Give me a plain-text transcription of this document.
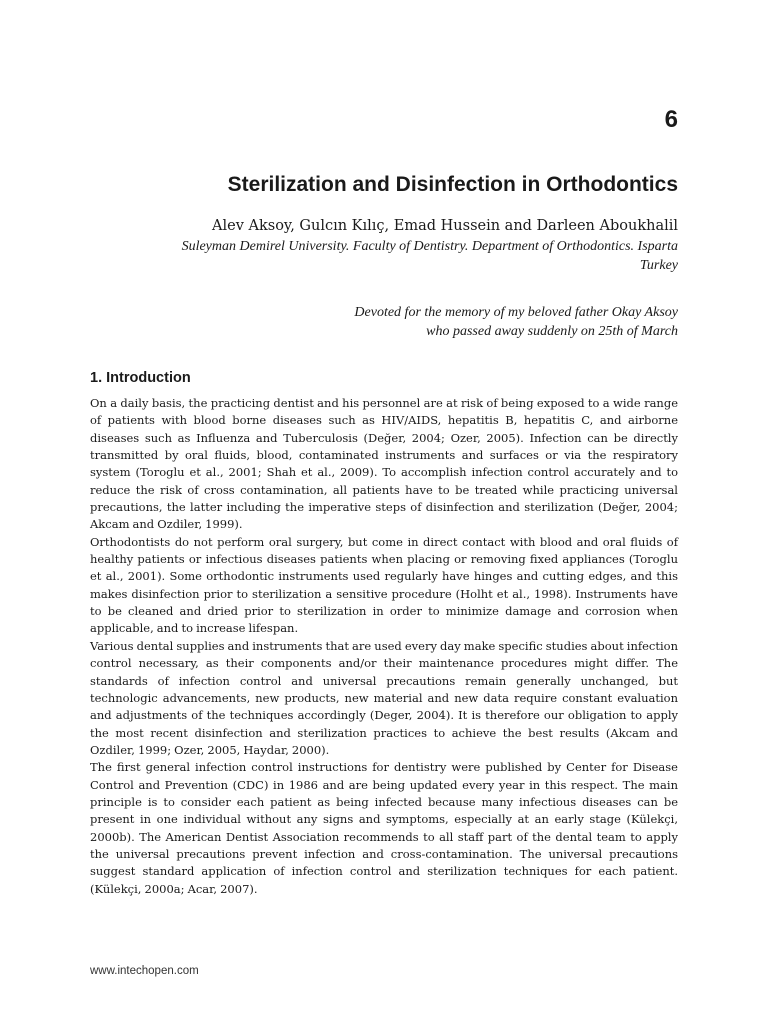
6
Sterilization and Disinfection in Orthodontics
Alev Aksoy, Gulcın Kılıç, Emad Hussein and Darleen Aboukhalil
Suleyman Demirel University. Faculty of Dentistry. Department of Orthodontics. Isparta
Turkey
Devoted for the memory of my beloved father Okay Aksoy
who passed away suddenly on 25th of March
1. Introduction

On a daily basis, the practicing dentist and his personnel are at risk of being exposed to a wide range of patients with blood borne diseases such as HIV/AIDS, hepatitis B, hepatitis C, and airborne diseases such as Influenza and Tuberculosis (Değer, 2004; Ozer, 2005). Infection can be directly transmitted by oral fluids, blood, contaminated instruments and surfaces or via the respiratory system (Toroglu et al., 2001; Shah et al., 2009). To accomplish infection control accurately and to reduce the risk of cross contamination, all patients have to be treated while practicing universal precautions, the latter including the imperative steps of disinfection and sterilization (Değer, 2004; Akcam and Ozdiler, 1999).

Orthodontists do not perform oral surgery, but come in direct contact with blood and oral fluids of healthy patients or infectious diseases patients when placing or removing fixed appliances (Toroglu et al., 2001). Some orthodontic instruments used regularly have hinges and cutting edges, and this makes disinfection prior to sterilization a sensitive procedure (Holht et al., 1998). Instruments have to be cleaned and dried prior to sterilization in order to minimize damage and corrosion when applicable, and to increase lifespan.

Various dental supplies and instruments that are used every day make specific studies about infection control necessary, as their components and/or their maintenance procedures might differ. The standards of infection control and universal precautions remain generally unchanged, but technologic advancements, new products, new material and new data require constant evaluation and adjustments of the techniques accordingly (Deger, 2004). It is therefore our obligation to apply the most recent disinfection and sterilization practices to achieve the best results (Akcam and Ozdiler, 1999; Ozer, 2005, Haydar, 2000).

The first general infection control instructions for dentistry were published by Center for Disease Control and Prevention (CDC) in 1986 and are being updated every year in this respect. The main principle is to consider each patient as being infected because many infectious diseases can be present in one individual without any signs and symptoms, especially at an early stage (Külekçi, 2000b). The American Dentist Association recommends to all staff part of the dental team to apply the universal precautions prevent infection and cross-contamination. The universal precautions suggest standard application of infection control and sterilization techniques for each patient. (Külekçi, 2000a; Acar, 2007).

www.intechopen.com
